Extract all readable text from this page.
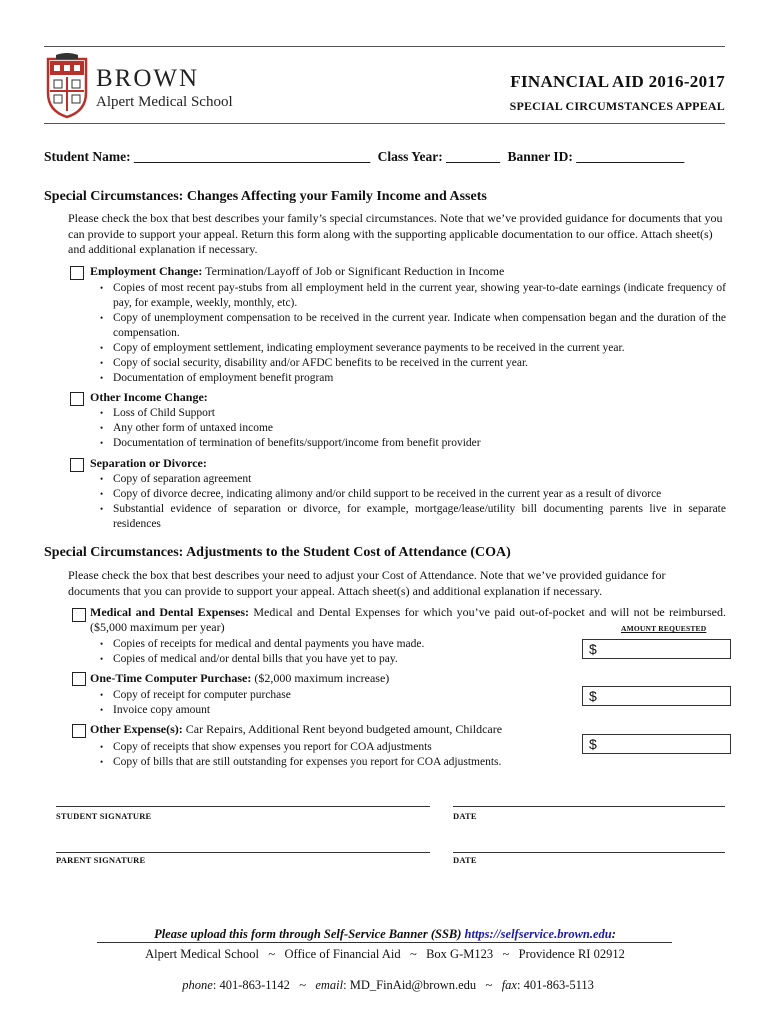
BROWN
Alpert Medical School
FINANCIAL AID 2016-2017
SPECIAL CIRCUMSTANCES APPEAL
Student Name: ___________________________________ Class Year: ________ Banner ID: ________________
Special Circumstances: Changes Affecting your Family Income and Assets
Please check the box that best describes your family’s special circumstances. Note that we’ve provided guidance for documents that you can provide to support your appeal. Return this form along with the supporting applicable documentation to our office. Attach sheet(s) and additional explanation if necessary.
Employment Change: Termination/Layoff of Job or Significant Reduction in Income
• Copies of most recent pay-stubs from all employment held in the current year, showing year-to-date earnings (indicate frequency of pay, for example, weekly, monthly, etc).
• Copy of unemployment compensation to be received in the current year. Indicate when compensation began and the duration of the compensation.
• Copy of employment settlement, indicating employment severance payments to be received in the current year.
• Copy of social security, disability and/or AFDC benefits to be received in the current year.
• Documentation of employment benefit program
Other Income Change:
• Loss of Child Support
• Any other form of untaxed income
• Documentation of termination of benefits/support/income from benefit provider
Separation or Divorce:
• Copy of separation agreement
• Copy of divorce decree, indicating alimony and/or child support to be received in the current year as a result of divorce
• Substantial evidence of separation or divorce, for example, mortgage/lease/utility bill documenting parents live in separate residences
Special Circumstances: Adjustments to the Student Cost of Attendance (COA)
Please check the box that best describes your need to adjust your Cost of Attendance. Note that we’ve provided guidance for documents that you can provide to support your appeal. Attach sheet(s) and additional explanation if necessary.
Medical and Dental Expenses: Medical and Dental Expenses for which you’ve paid out-of-pocket and will not be reimbursed. ($5,000 maximum per year)	AMOUNT REQUESTED
• Copies of receipts for medical and dental payments you have made.
• Copies of medical and/or dental bills that you have yet to pay.
$
One-Time Computer Purchase: ($2,000 maximum increase)
• Copy of receipt for computer purchase
• Invoice copy amount
$
Other Expense(s): Car Repairs, Additional Rent beyond budgeted amount, Childcare
• Copy of receipts that show expenses you report for COA adjustments
• Copy of bills that are still outstanding for expenses you report for COA adjustments.
$
STUDENT SIGNATURE	DATE
PARENT SIGNATURE	DATE
Please upload this form through Self-Service Banner (SSB) https://selfservice.brown.edu:
Alpert Medical School   ~   Office of Financial Aid   ~   Box G-M123   ~   Providence RI 02912

phone: 401-863-1142   ~   email: MD_FinAid@brown.edu   ~   fax: 401-863-5113
